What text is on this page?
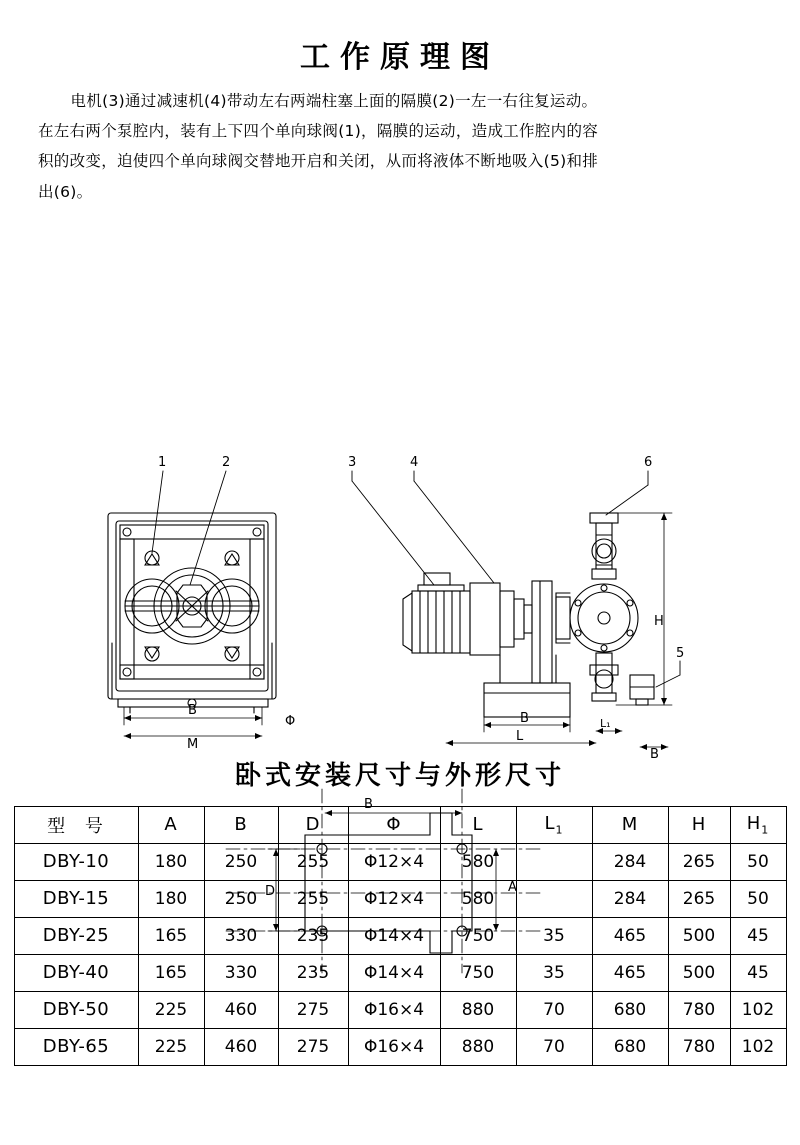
工作原理图

电机(3)通过减速机(4)带动左右两端柱塞上面的隔膜(2)一左一右往复运动。

在左右两个泵腔内，装有上下四个单向球阀(1)，隔膜的运动，造成工作腔内的容

积的改变，迫使四个单向球阀交替地开启和关闭，从而将液体不断地吸入(5)和排

出(6)。

1	2	3	4	6
5
B
M
Φ
H
B
L
L₁
B
B
D	A
卧式安装尺寸与外形尺寸
型 号	A	B	D	Φ	L	$L_1$	M	H	$H_1$
DBY-10	180	250	255	Φ12×4	580		284	265	50
DBY-15	180	250	255	Φ12×4	580		284	265	50
DBY-25	165	330	235	Φ14×4	750	35	465	500	45
DBY-40	165	330	235	Φ14×4	750	35	465	500	45
DBY-50	225	460	275	Φ16×4	880	70	680	780	102
DBY-65	225	460	275	Φ16×4	880	70	680	780	102
